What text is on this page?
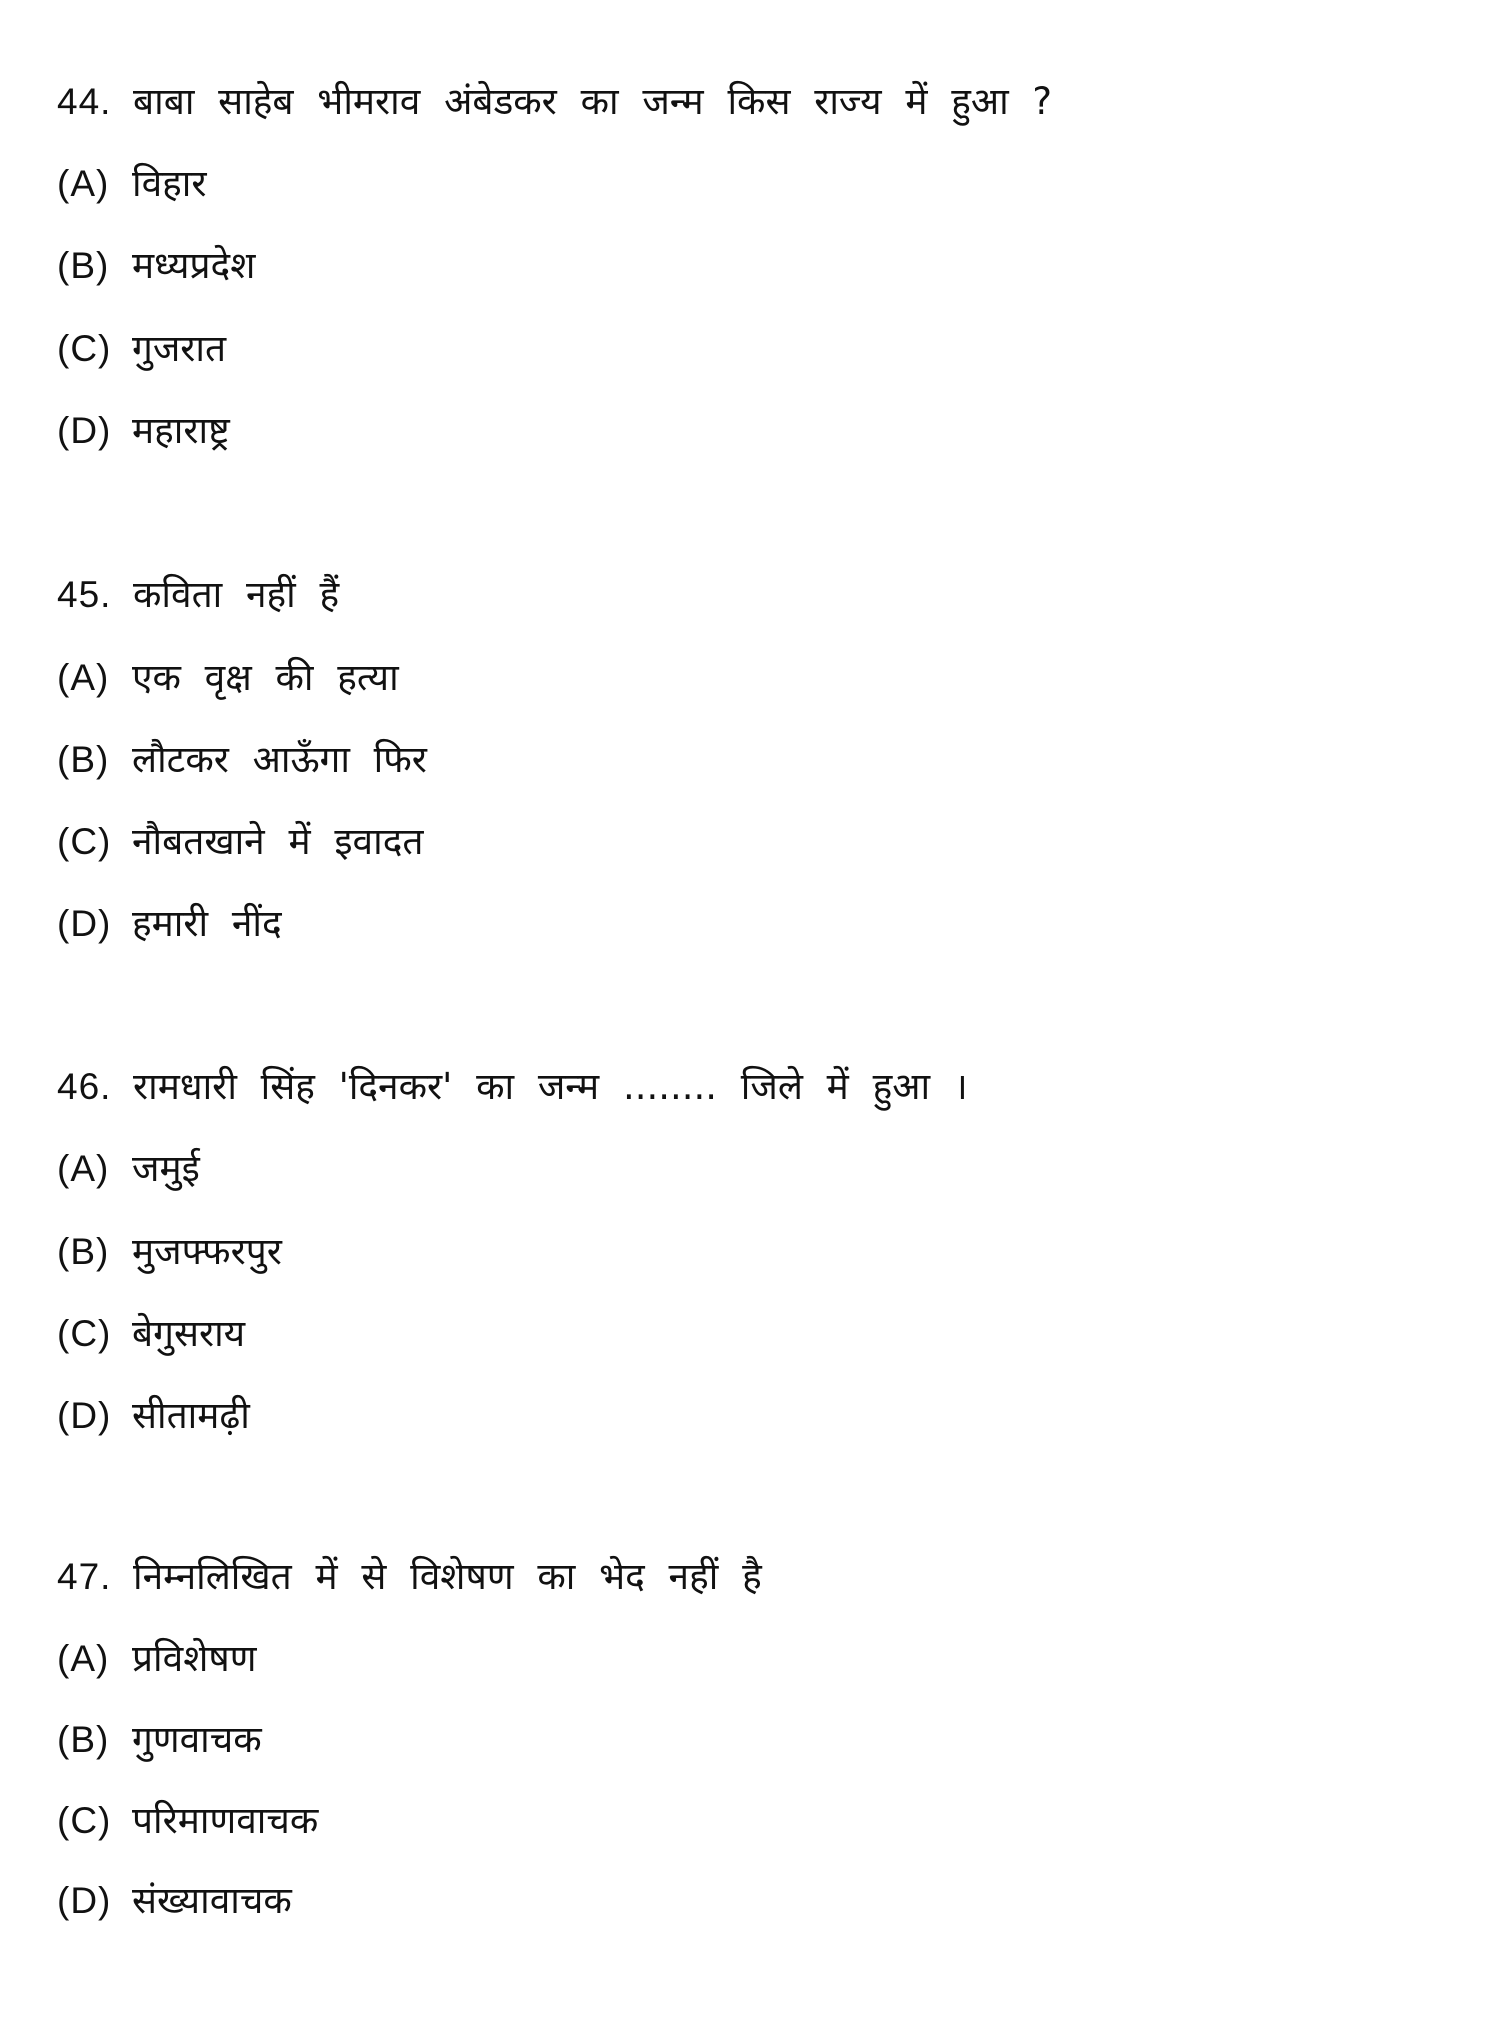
44. बाबा साहेब भीमराव अंबेडकर का जन्म किस राज्य में हुआ ?
(A) विहार
(B) मध्यप्रदेश
(C) गुजरात
(D) महाराष्ट्र
45. कविता नहीं हैं
(A) एक वृक्ष की हत्या
(B) लौटकर आऊँगा फिर
(C) नौबतखाने में इवादत
(D) हमारी नींद
46. रामधारी सिंह 'दिनकर' का जन्म ........ जिले में हुआ ।
(A) जमुई
(B) मुजफ्फरपुर
(C) बेगुसराय
(D) सीतामढ़ी
47. निम्नलिखित में से विशेषण का भेद नहीं है
(A) प्रविशेषण
(B) गुणवाचक
(C) परिमाणवाचक
(D) संख्यावाचक
